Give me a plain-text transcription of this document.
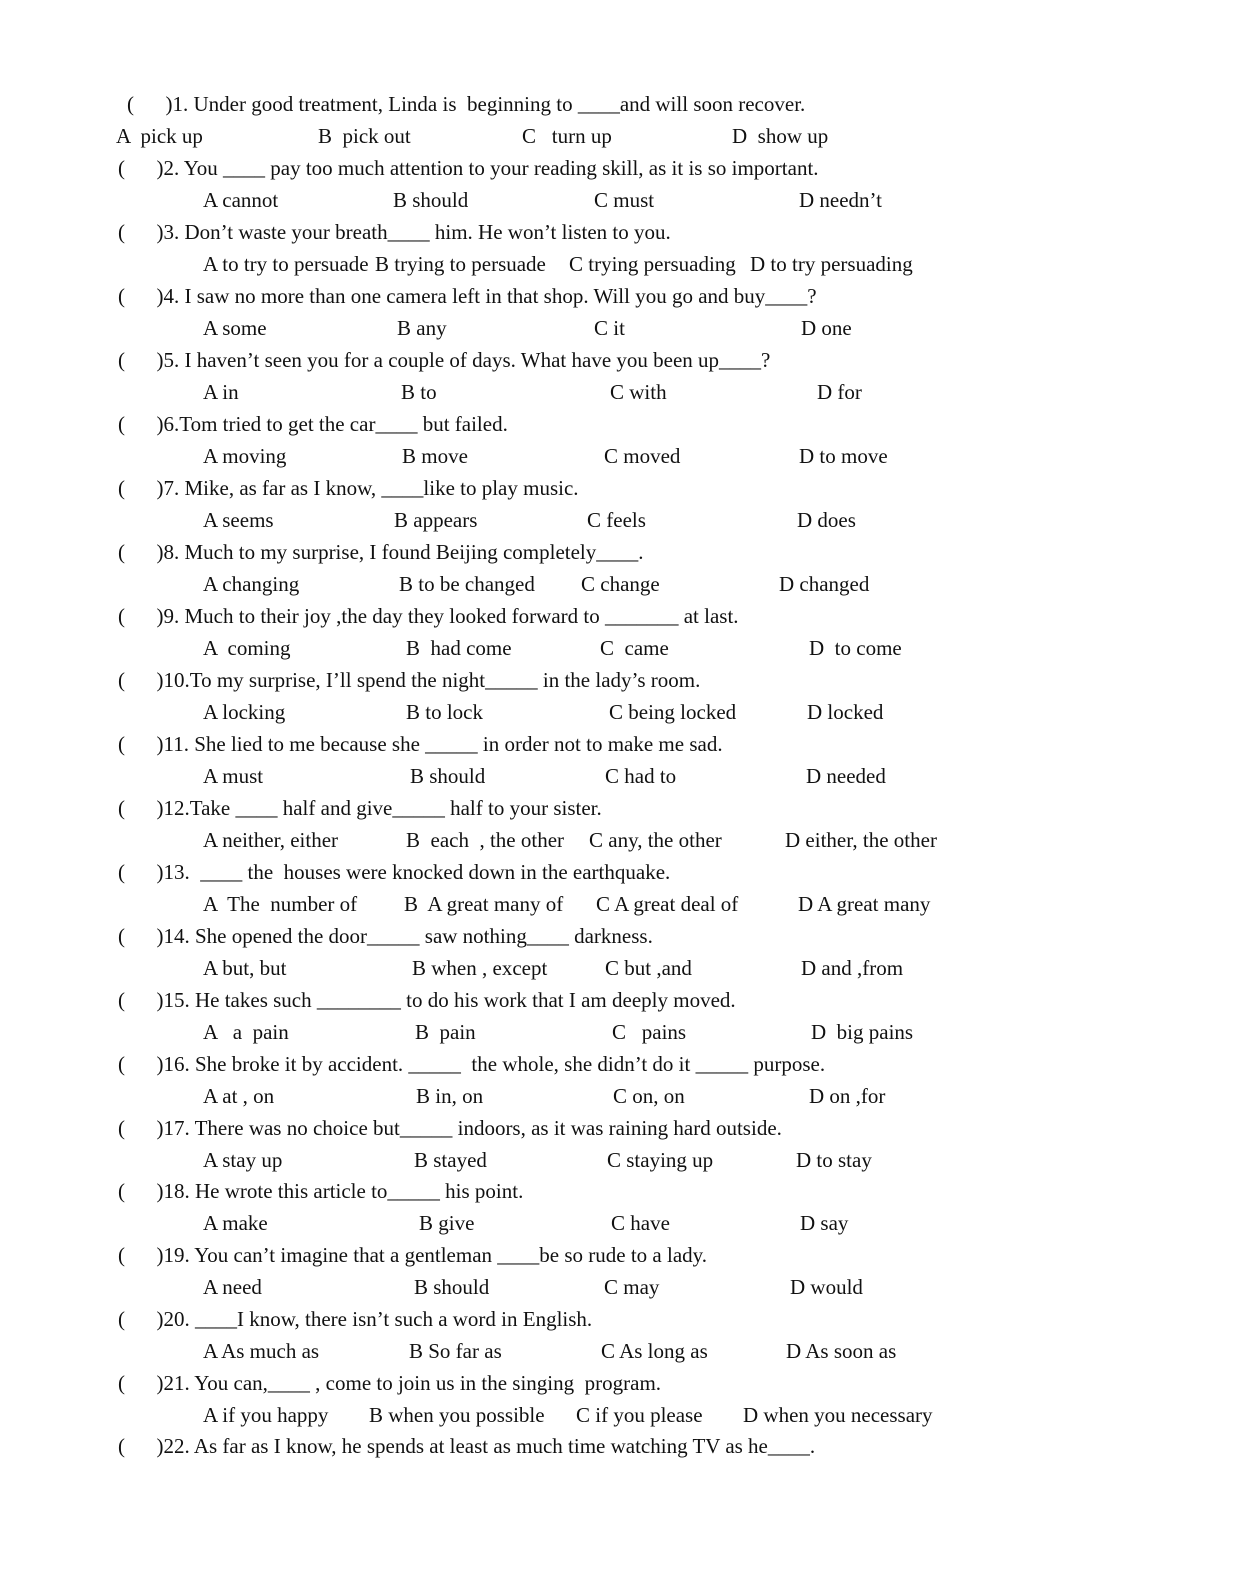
(      )1. Under good treatment, Linda is  beginning to ____and will soon recover.
A  pick up	B  pick out	C   turn up	D  show up
(      )2. You ____ pay too much attention to your reading skill, as it is so important.
A cannot	B should	C must	D needn’t
(      )3. Don’t waste your breath____ him. He won’t listen to you.
A to try to persuade B trying to persuade C trying persuading D to try persuading
(      )4. I saw no more than one camera left in that shop. Will you go and buy____?
A some	B any	C it	D one
(      )5. I haven’t seen you for a couple of days. What have you been up____?
A in	B to	C with	D for
(      )6.Tom tried to get the car____ but failed.
A moving	B move	C moved	D to move
(      )7. Mike, as far as I know, ____like to play music.
A seems	B appears	C feels	D does
(      )8. Much to my surprise, I found Beijing completely____.
A changing	B to be changed C change	D changed
(      )9. Much to their joy ,the day they looked forward to _______ at last.
A  coming	B  had come	C  came	D  to come
(      )10.To my surprise, I’ll spend the night_____ in the lady’s room.
A locking	B to lock	C being locked	D locked
(      )11. She lied to me because she _____ in order not to make me sad.
A must	B should	C had to	D needed
(      )12.Take ____ half and give_____ half to your sister.
A neither, either	B  each  , the other C any, the other	D either, the other
(      )13.  ____ the  houses were knocked down in the earthquake.
A  The  number of B  A great many of C A great deal of	D A great many
(      )14. She opened the door_____ saw nothing____ darkness.
A but, but	B when , except	C but ,and	D and ,from
(      )15. He takes such ________ to do his work that I am deeply moved.
A   a  pain	B  pain	C   pains	D  big pains
(      )16. She broke it by accident. _____  the whole, she didn’t do it _____ purpose.
A at , on	B in, on	C on, on	D on ,for
(      )17. There was no choice but_____ indoors, as it was raining hard outside.
A stay up	B stayed	C staying up	D to stay
(      )18. He wrote this article to_____ his point.
A make	B give	C have	D say
(      )19. You can’t imagine that a gentleman ____be so rude to a lady.
A need	B should	C may	D would
(      )20. ____I know, there isn’t such a word in English.
A As much as	B So far as	C As long as	D As soon as
(      )21. You can,____ , come to join us in the singing  program.
A if you happy B when you possible C if you please D when you necessary
(      )22. As far as I know, he spends at least as much time watching TV as he____.
